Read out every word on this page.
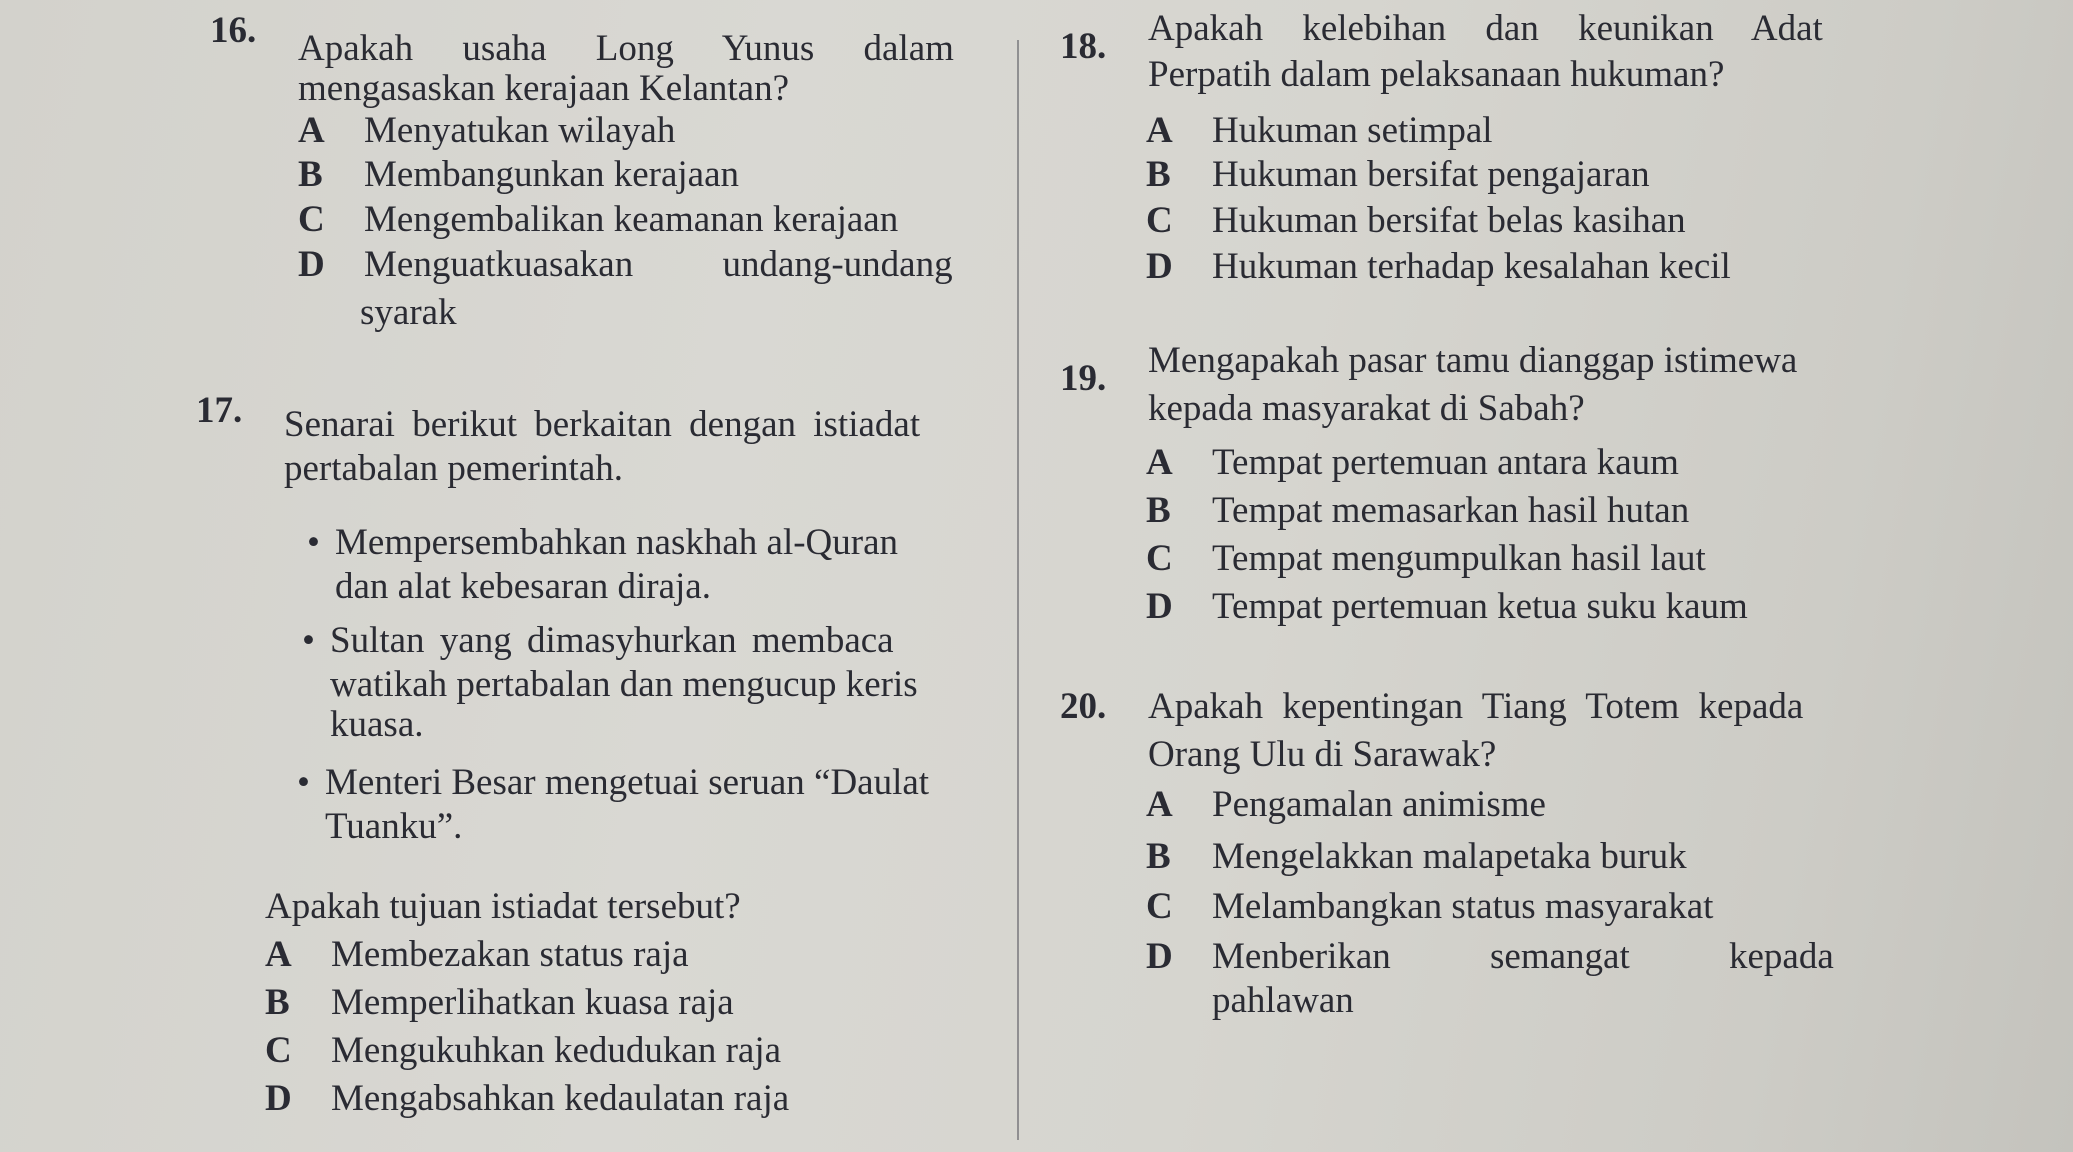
16. Apakah usaha Long Yunus dalam
mengasaskan kerajaan Kelantan?
A Menyatukan wilayah
B Membangunkan kerajaan
C Mengembalikan keamanan kerajaan
D Menguatkuasakan undang-undang
syarak
17. Senarai berikut berkaitan dengan istiadat
pertabalan pemerintah.
• Mempersembahkan naskhah al-Quran
dan alat kebesaran diraja.
• Sultan yang dimasyhurkan membaca
watikah pertabalan dan mengucup keris
kuasa.
• Menteri Besar mengetuai seruan “Daulat
Tuanku”.
Apakah tujuan istiadat tersebut?
A Membezakan status raja
B Memperlihatkan kuasa raja
C Mengukuhkan kedudukan raja
D Mengabsahkan kedaulatan raja
18. Apakah kelebihan dan keunikan Adat
Perpatih dalam pelaksanaan hukuman?
A Hukuman setimpal
B Hukuman bersifat pengajaran
C Hukuman bersifat belas kasihan
D Hukuman terhadap kesalahan kecil
19. Mengapakah pasar tamu dianggap istimewa
kepada masyarakat di Sabah?
A Tempat pertemuan antara kaum
B Tempat memasarkan hasil hutan
C Tempat mengumpulkan hasil laut
D Tempat pertemuan ketua suku kaum
20. Apakah kepentingan Tiang Totem kepada
Orang Ulu di Sarawak?
A Pengamalan animisme
B Mengelakkan malapetaka buruk
C Melambangkan status masyarakat
D Menberikan semangat kepada
pahlawan
